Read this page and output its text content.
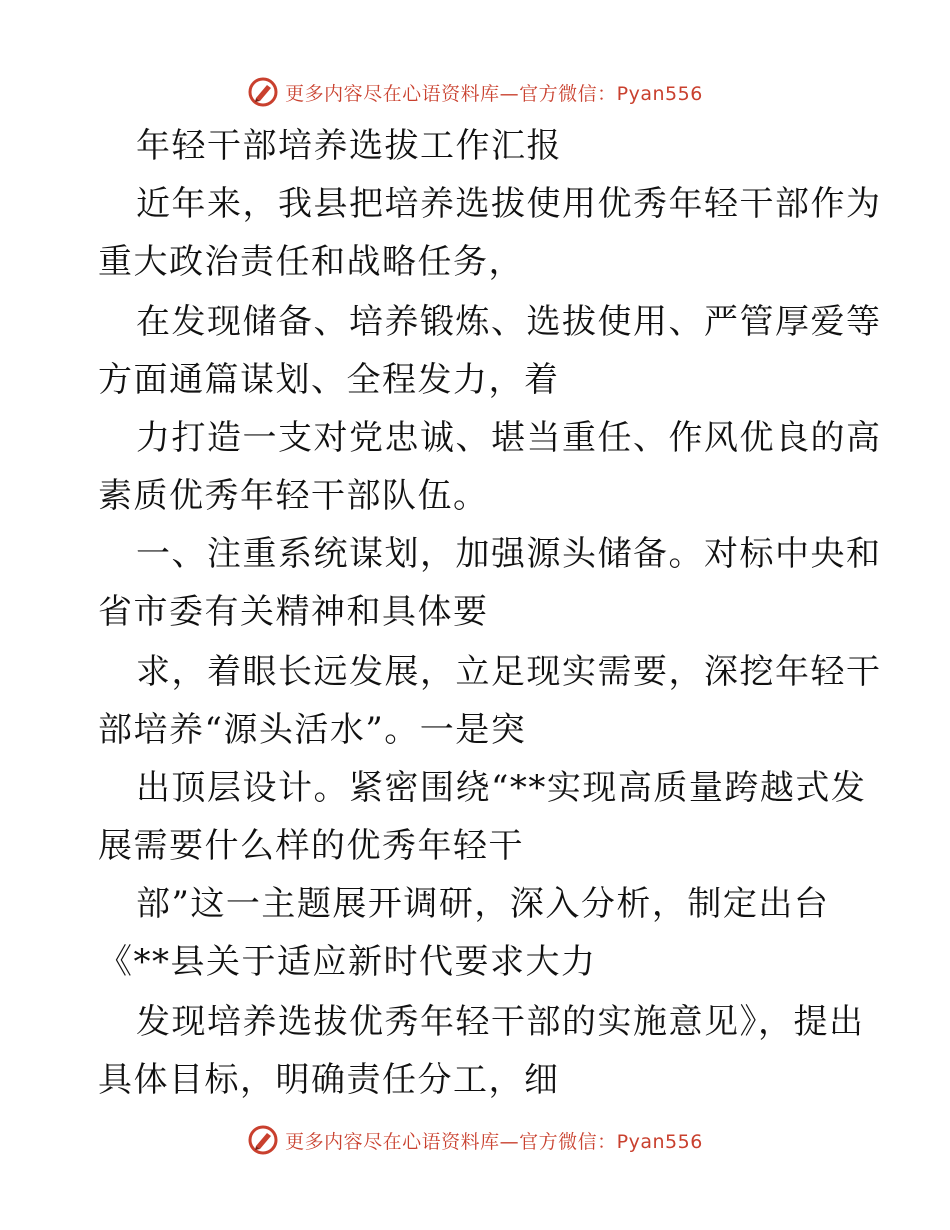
更多内容尽在心语资料库—官方微信：Pyan556
年轻干部培养选拔工作汇报
近年来，我县把培养选拔使用优秀年轻干部作为
重大政治责任和战略任务，
在发现储备、培养锻炼、选拔使用、严管厚爱等
方面通篇谋划、全程发力，着
力打造一支对党忠诚、堪当重任、作风优良的高
素质优秀年轻干部队伍。
一、注重系统谋划，加强源头储备。对标中央和
省市委有关精神和具体要
求，着眼长远发展，立足现实需要，深挖年轻干
部培养“源头活水”。一是突
出顶层设计。紧密围绕“**实现高质量跨越式发
展需要什么样的优秀年轻干
部”这一主题展开调研，深入分析，制定出台
《**县关于适应新时代要求大力
发现培养选拔优秀年轻干部的实施意见》，提出
具体目标，明确责任分工，细
更多内容尽在心语资料库—官方微信：Pyan556
